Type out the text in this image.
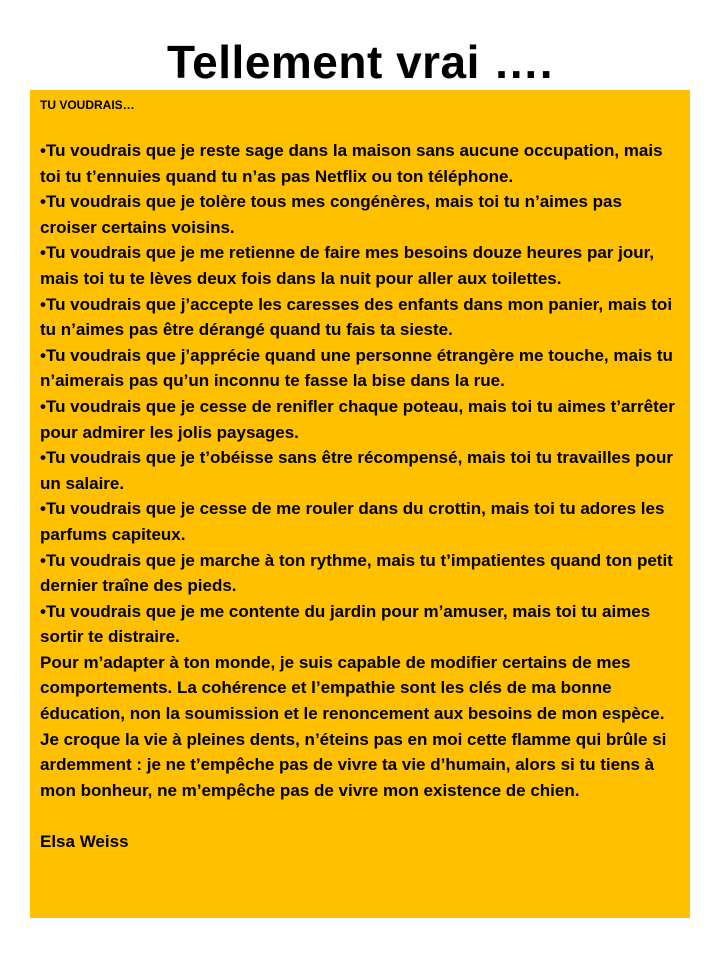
Tellement vrai ….

TU VOUDRAIS…

•Tu voudrais que je reste sage dans la maison sans aucune occupation, mais toi tu t’ennuies quand tu n’as pas Netflix ou ton téléphone.

•Tu voudrais que je tolère tous mes congénères, mais toi tu n’aimes pas croiser certains voisins.

•Tu voudrais que je me retienne de faire mes besoins douze heures par jour, mais toi tu te lèves deux fois dans la nuit pour aller aux toilettes.

•Tu voudrais que j’accepte les caresses des enfants dans mon panier, mais toi tu n’aimes pas être dérangé quand tu fais ta sieste.

•Tu voudrais que j’apprécie quand une personne étrangère me touche, mais tu n’aimerais pas qu’un inconnu te fasse la bise dans la rue.

•Tu voudrais que je cesse de renifler chaque poteau, mais toi tu aimes t’arrêter pour admirer les jolis paysages.

•Tu voudrais que je t’obéisse sans être récompensé, mais toi tu travailles pour un salaire.

•Tu voudrais que je cesse de me rouler dans du crottin, mais toi tu adores les parfums capiteux.

•Tu voudrais que je marche à ton rythme, mais tu t’impatientes quand ton petit dernier traîne des pieds.

•Tu voudrais que je me contente du jardin pour m’amuser, mais toi tu aimes sortir te distraire.

Pour m’adapter à ton monde, je suis capable de modifier certains de mes comportements. La cohérence et l’empathie sont les clés de ma bonne éducation, non la soumission et le renoncement aux besoins de mon espèce.

Je croque la vie à pleines dents, n’éteins pas en moi cette flamme qui brûle si ardemment : je ne t’empêche pas de vivre ta vie d’humain, alors si tu tiens à mon bonheur, ne m’empêche pas de vivre mon existence de chien.

Elsa Weiss
